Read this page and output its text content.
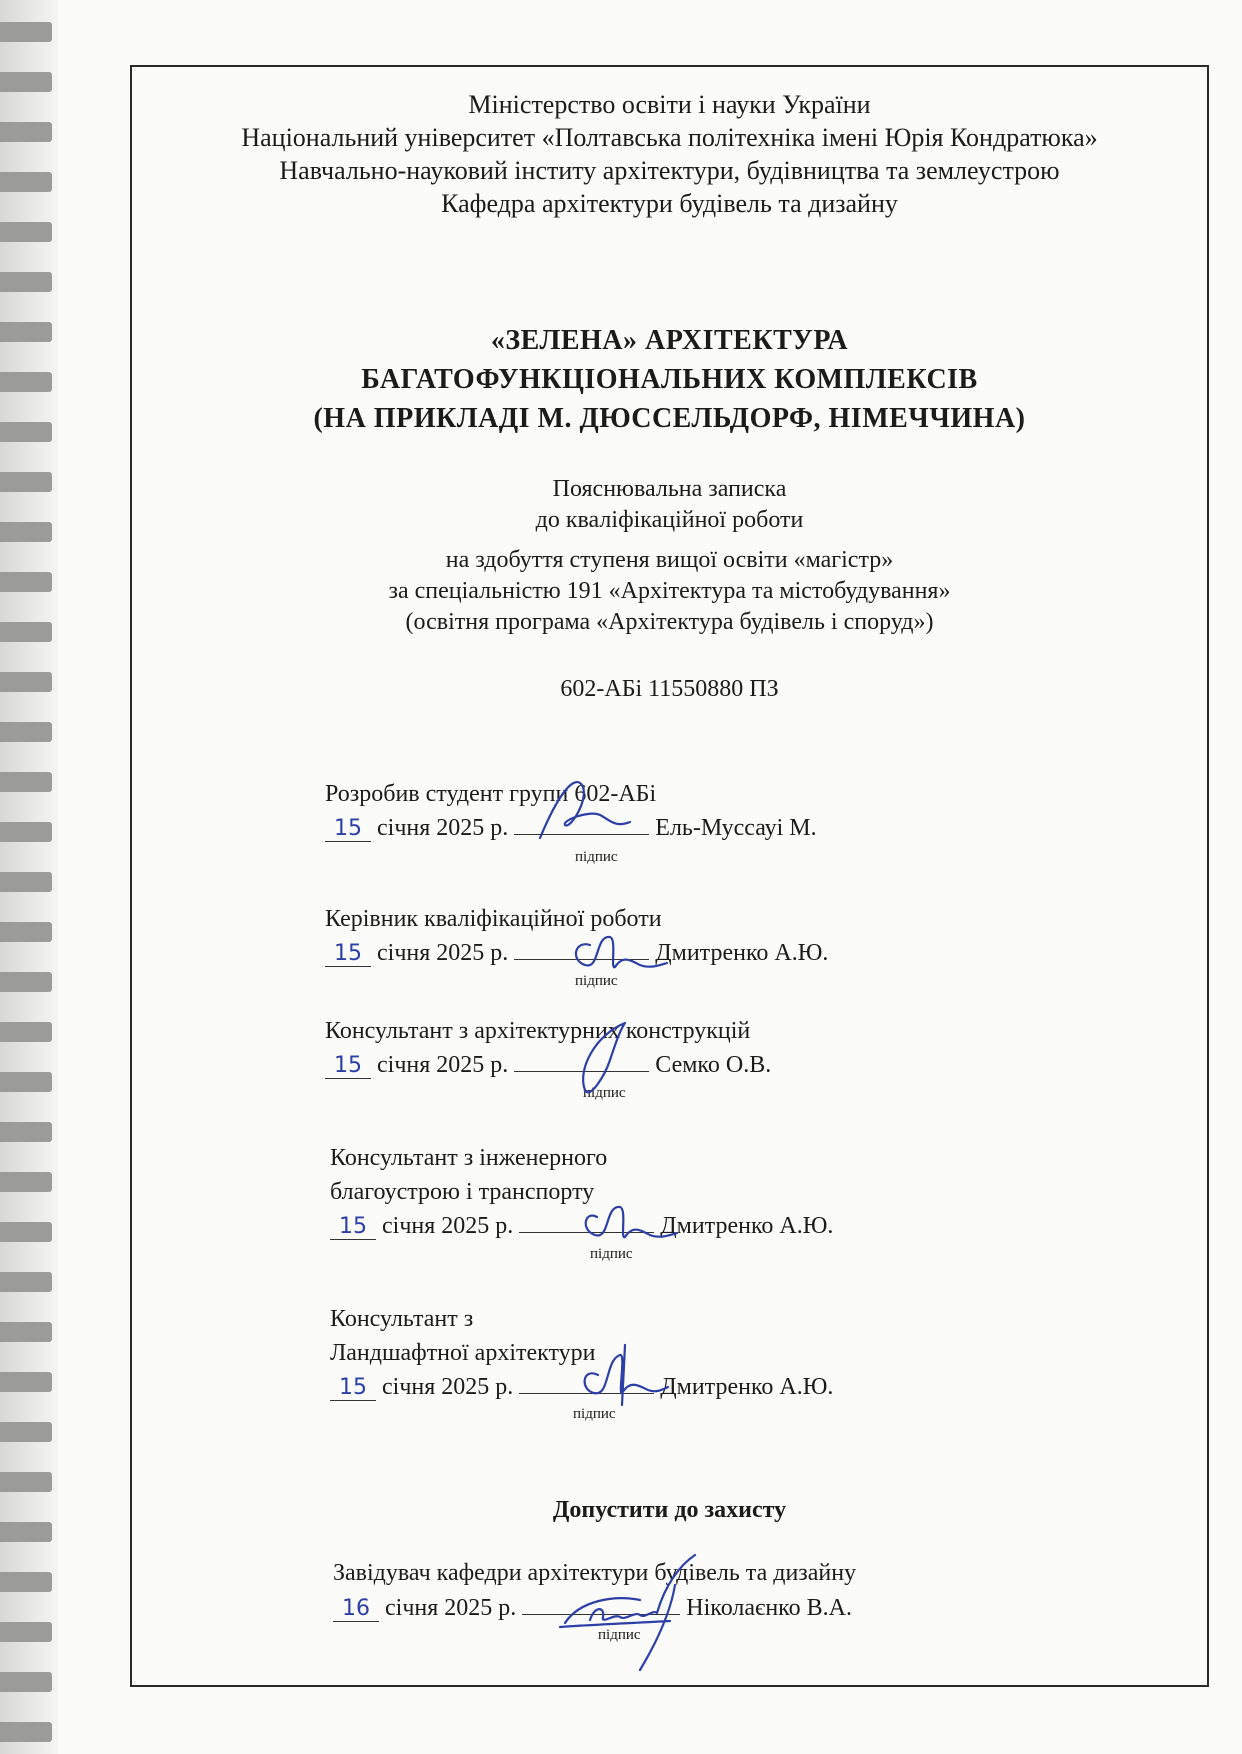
Міністерство освіти і науки України
Національний університет «Полтавська політехніка імені Юрія Кондратюка»
Навчально-науковий інститу архітектури, будівництва та землеустрою
Кафедра архітектури будівель та дизайну
«ЗЕЛЕНА» АРХІТЕКТУРА
БАГАТОФУНКЦІОНАЛЬНИХ КОМПЛЕКСІВ
(НА ПРИКЛАДІ М. ДЮССЕЛЬДОРФ, НІМЕЧЧИНА)
Пояснювальна записка
до кваліфікаційної роботи
на здобуття ступеня вищої освіти «магістр»
за спеціальністю 191 «Архітектура та містобудування»
(освітня програма «Архітектура будівель і споруд»)
602-АБі 11550880 ПЗ
Розробив студент групи 602-АБі
15 січня 2025 р.	Ель-Муссауі М.
підпис
Керівник кваліфікаційної роботи
15 січня 2025 р.	Дмитренко А.Ю.
підпис
Консультант з архітектурних конструкцій
15 січня 2025 р.	Семко О.В.
підпис
Консультант з інженерного
благоустрою і транспорту
15 січня 2025 р.	Дмитренко А.Ю.
підпис
Консультант з
Ландшафтної архітектури
15 січня 2025 р.	Дмитренко А.Ю.
підпис
Допустити до захисту
Завідувач кафедри архітектури будівель та дизайну
16 січня 2025 р.	Ніколаєнко В.А.
підпис
